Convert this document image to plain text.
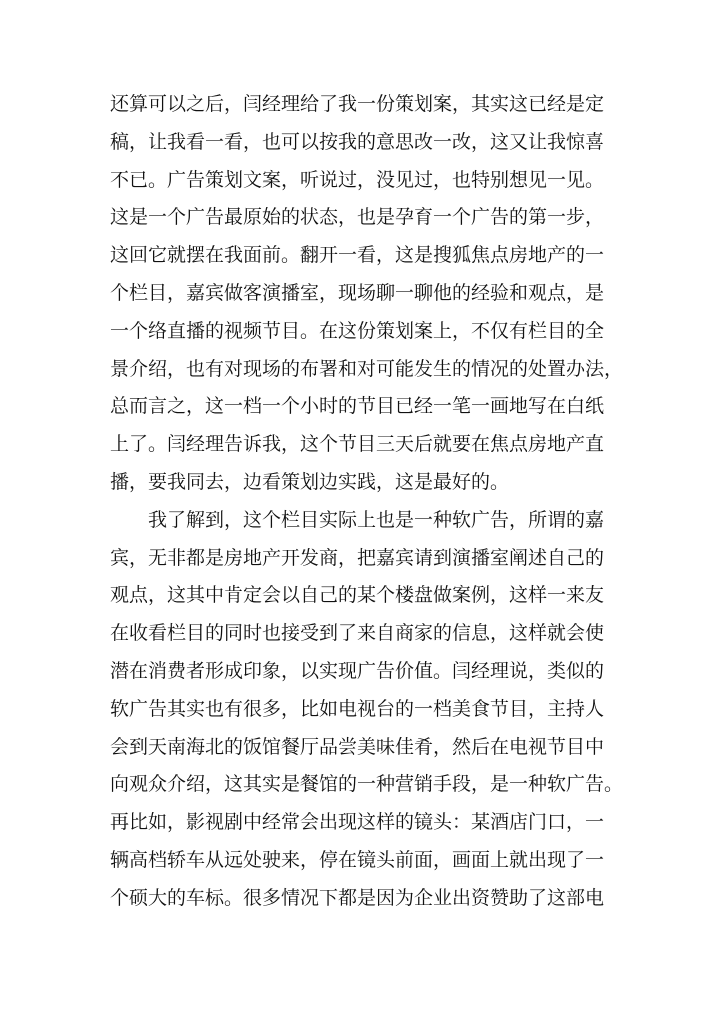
还算可以之后，闫经理给了我一份策划案，其实这已经是定
稿，让我看一看，也可以按我的意思改一改，这又让我惊喜
不已。广告策划文案，听说过，没见过，也特别想见一见。
这是一个广告最原始的状态，也是孕育一个广告的第一步，
这回它就摆在我面前。翻开一看，这是搜狐焦点房地产的一
个栏目，嘉宾做客演播室，现场聊一聊他的经验和观点，是
一个络直播的视频节目。在这份策划案上，不仅有栏目的全
景介绍，也有对现场的布署和对可能发生的情况的处置办法，
总而言之，这一档一个小时的节目已经一笔一画地写在白纸
上了。闫经理告诉我，这个节目三天后就要在焦点房地产直
播，要我同去，边看策划边实践，这是最好的。
我了解到，这个栏目实际上也是一种软广告，所谓的嘉
宾，无非都是房地产开发商，把嘉宾请到演播室阐述自己的
观点，这其中肯定会以自己的某个楼盘做案例，这样一来友
在收看栏目的同时也接受到了来自商家的信息，这样就会使
潜在消费者形成印象，以实现广告价值。闫经理说，类似的
软广告其实也有很多，比如电视台的一档美食节目，主持人
会到天南海北的饭馆餐厅品尝美味佳肴，然后在电视节目中
向观众介绍，这其实是餐馆的一种营销手段，是一种软广告。
再比如，影视剧中经常会出现这样的镜头：某酒店门口，一
辆高档轿车从远处驶来，停在镜头前面，画面上就出现了一
个硕大的车标。很多情况下都是因为企业出资赞助了这部电
